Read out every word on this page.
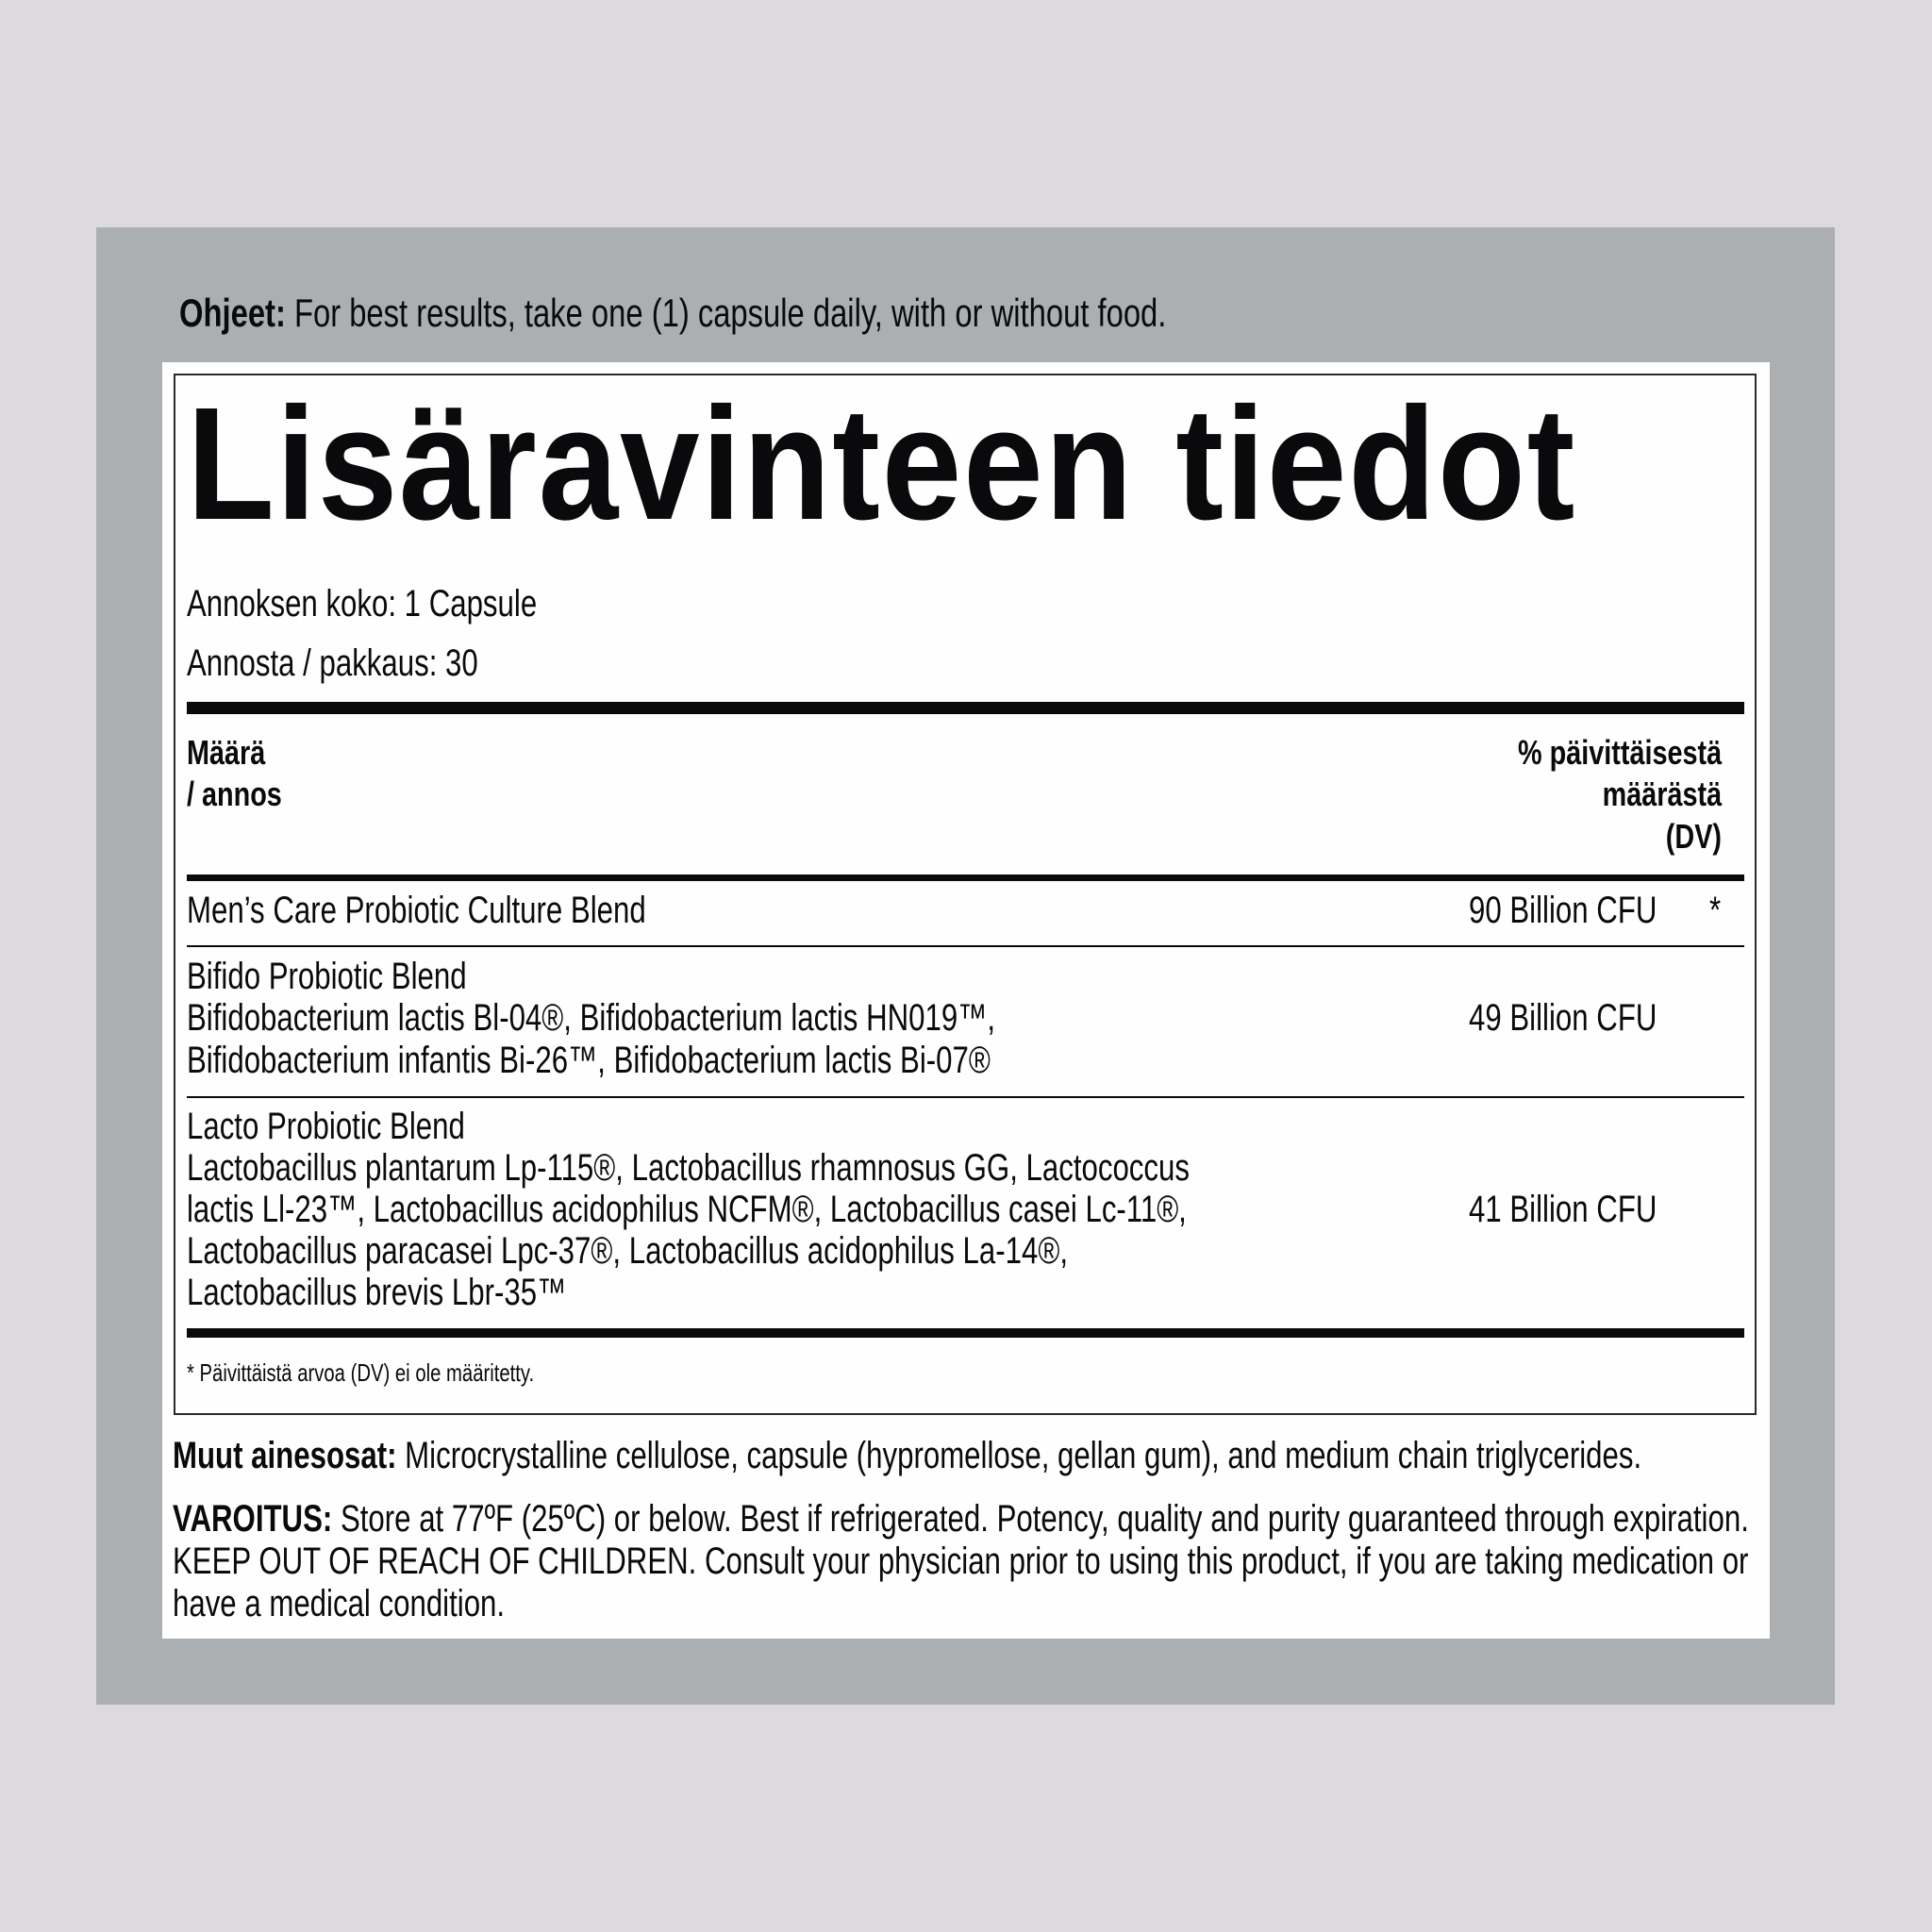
Ohjeet: For best results, take one (1) capsule daily, with or without food.
Lisäravinteen tiedot
Annoksen koko: 1 Capsule
Annosta / pakkaus: 30
Määrä
/ annos
% päivittäisestä
määrästä
(DV)
Men’s Care Probiotic Culture Blend	90 Billion CFU *
Bifido Probiotic Blend
Bifidobacterium lactis Bl-04®, Bifidobacterium lactis HN019™,
Bifidobacterium infantis Bi-26™, Bifidobacterium lactis Bi-07®
49 Billion CFU
Lacto Probiotic Blend
Lactobacillus plantarum Lp-115®, Lactobacillus rhamnosus GG, Lactococcus
lactis Ll-23™, Lactobacillus acidophilus NCFM®, Lactobacillus casei Lc-11®,
Lactobacillus paracasei Lpc-37®, Lactobacillus acidophilus La-14®,
Lactobacillus brevis Lbr-35™
41 Billion CFU
* Päivittäistä arvoa (DV) ei ole määritetty.
Muut ainesosat: Microcrystalline cellulose, capsule (hypromellose, gellan gum), and medium chain triglycerides.
VAROITUS: Store at 77ºF (25ºC) or below. Best if refrigerated. Potency, quality and purity guaranteed through expiration.
KEEP OUT OF REACH OF CHILDREN. Consult your physician prior to using this product, if you are taking medication or
have a medical condition.
